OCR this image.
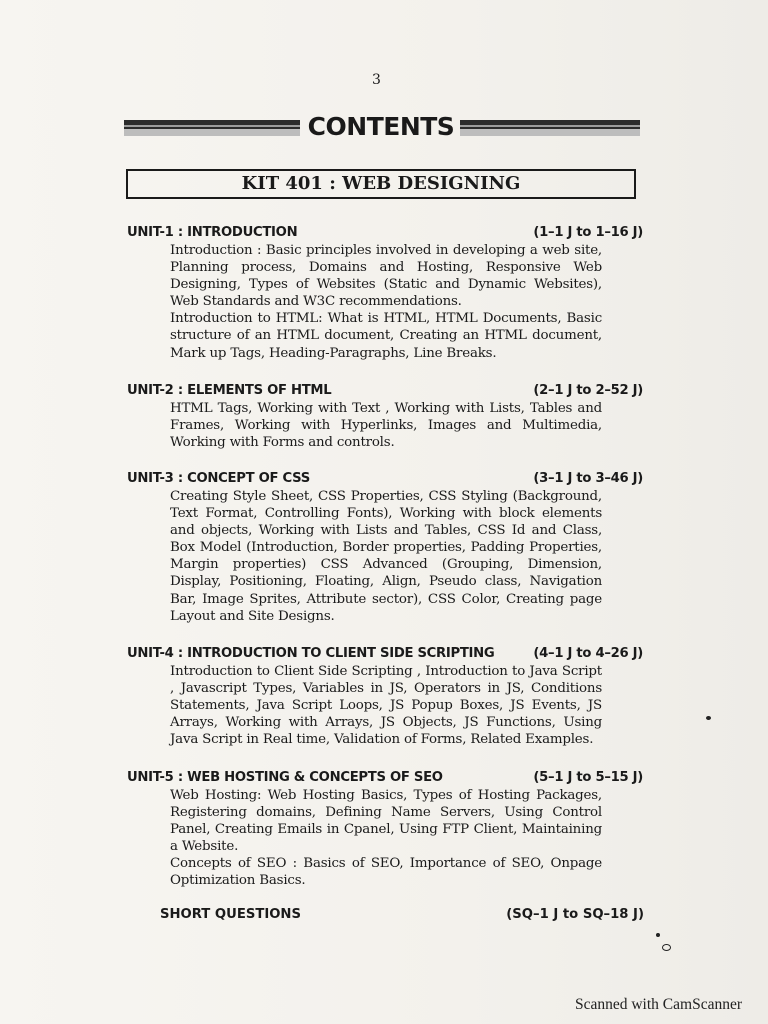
3
CONTENTS
KIT 401 : WEB DESIGNING
UNIT-1 : INTRODUCTION	(1–1 J to 1–16 J)

Introduction : Basic principles involved in developing a web site, Planning process, Domains and Hosting, Responsive Web Designing, Types of Websites (Static and Dynamic Websites), Web Standards and W3C recommendations.

Introduction to HTML: What is HTML, HTML Documents, Basic structure of an HTML document, Creating an HTML document, Mark up Tags, Heading-Paragraphs, Line Breaks.

UNIT-2 : ELEMENTS OF HTML	(2–1 J to 2–52 J)

HTML Tags, Working with Text , Working with Lists, Tables and Frames, Working with Hyperlinks, Images and Multimedia, Working with Forms and controls.

UNIT-3 : CONCEPT OF CSS	(3–1 J to 3–46 J)

Creating Style Sheet, CSS Properties, CSS Styling (Background, Text Format, Controlling Fonts), Working with block elements and objects, Working with Lists and Tables, CSS Id and Class, Box Model (Introduction, Border properties, Padding Properties, Margin properties) CSS Advanced (Grouping, Dimension, Display, Positioning, Floating, Align, Pseudo class, Navigation Bar, Image Sprites, Attribute sector), CSS Color, Creating page Layout and Site Designs.

UNIT-4 : INTRODUCTION TO CLIENT SIDE SCRIPTING	(4–1 J to 4–26 J)

Introduction to Client Side Scripting , Introduction to Java Script , Javascript Types, Variables in JS, Operators in JS, Conditions Statements, Java Script Loops, JS Popup Boxes, JS Events, JS Arrays, Working with Arrays, JS Objects, JS Functions, Using Java Script in Real time, Validation of Forms, Related Examples.

UNIT-5 : WEB HOSTING & CONCEPTS OF SEO	(5–1 J to 5–15 J)

Web Hosting: Web Hosting Basics, Types of Hosting Packages, Registering domains, Defining Name Servers, Using Control Panel, Creating Emails in Cpanel, Using FTP Client, Maintaining a Website.

Concepts of SEO : Basics of SEO, Importance of SEO, Onpage Optimization Basics.

SHORT QUESTIONS	(SQ–1 J to SQ–18 J)
Scanned with CamScanner
